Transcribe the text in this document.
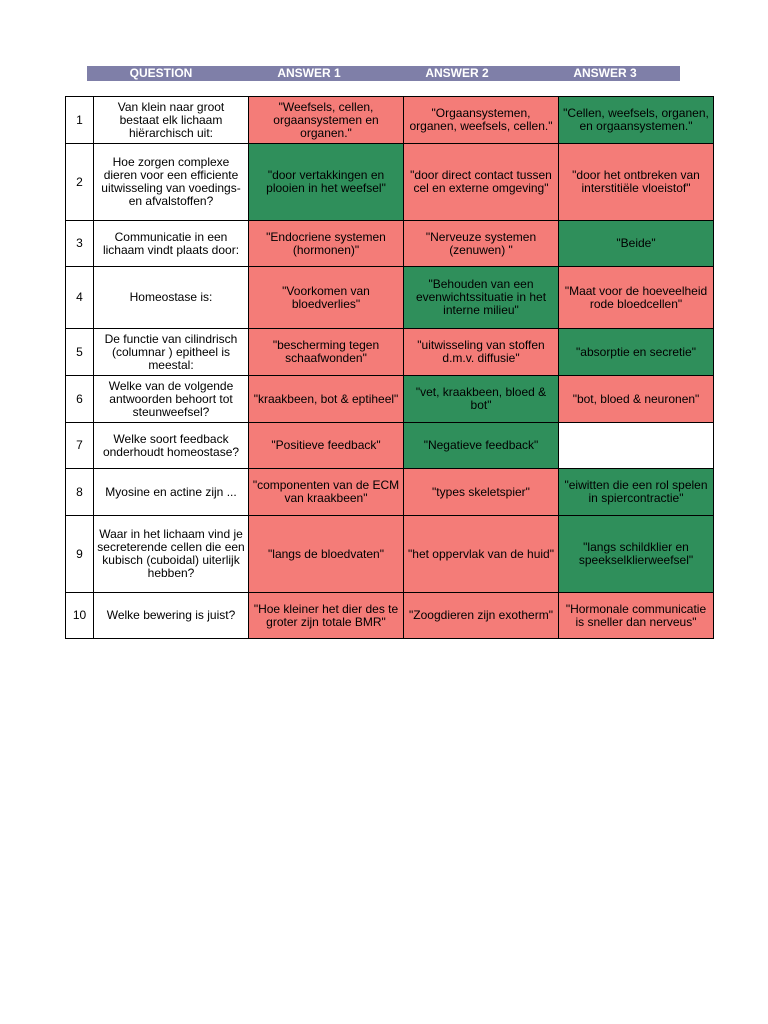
QUESTION	ANSWER 1	ANSWER 2	ANSWER 3
1	Van klein naar groot bestaat elk lichaam hiërarchisch uit:	"Weefsels, cellen, orgaansystemen en organen."	"Orgaansystemen, organen, weefsels, cellen."	"Cellen, weefsels, organen, en orgaansystemen."
2	Hoe zorgen complexe dieren voor een efficiente uitwisseling van voedings- en afvalstoffen?	"door vertakkingen en plooien in het weefsel"	"door direct contact tussen cel en externe omgeving"	"door het ontbreken van interstitiële vloeistof"
3	Communicatie in een lichaam vindt plaats door:	"Endocriene systemen (hormonen)"	"Nerveuze systemen (zenuwen) "	"Beide"
4	Homeostase is:	"Voorkomen van bloedverlies"	"Behouden van een evenwichtssituatie in het interne milieu"	"Maat voor de hoeveelheid rode bloedcellen"
5	De functie van cilindrisch (columnar ) epitheel is meestal:	"bescherming tegen schaafwonden"	"uitwisseling van stoffen d.m.v. diffusie"	"absorptie en secretie"
6	Welke van de volgende antwoorden behoort tot steunweefsel?	"kraakbeen, bot & eptiheel"	"vet, kraakbeen, bloed & bot"	"bot, bloed & neuronen"
7	Welke soort feedback onderhoudt homeostase?	"Positieve feedback"	"Negatieve feedback"	
8	Myosine en actine zijn ...	"componenten van de ECM van kraakbeen"	"types skeletspier"	"eiwitten die een rol spelen in spiercontractie"
9	Waar in het lichaam vind je secreterende cellen die een kubisch (cuboidal) uiterlijk hebben?	"langs de bloedvaten"	"het oppervlak van de huid"	"langs schildklier en speekselklierweefsel"
10	Welke bewering is juist?	"Hoe kleiner het dier des te groter zijn totale BMR"	"Zoogdieren zijn exotherm"	"Hormonale communicatie is sneller dan nerveus"
